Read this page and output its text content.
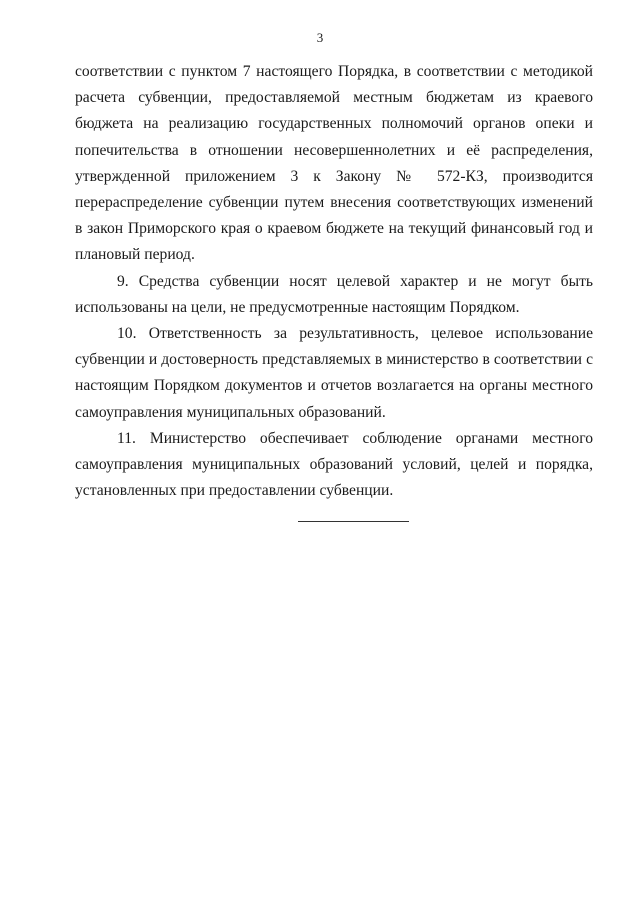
3

соответствии с пунктом 7 настоящего Порядка, в соответствии с методикой расчета субвенции, предоставляемой местным бюджетам из краевого бюджета на реализацию государственных полномочий органов опеки и попечительства в отношении несовершеннолетних и её распределения, утвержденной приложением 3 к Закону № 572-КЗ, производится перераспределение субвенции путем внесения соответствующих изменений в закон Приморского края о краевом бюджете на текущий финансовый год и плановый период.

9. Средства субвенции носят целевой характер и не могут быть использованы на цели, не предусмотренные настоящим Порядком.

10. Ответственность за результативность, целевое использование субвенции и достоверность представляемых в министерство в соответствии с настоящим Порядком документов и отчетов возлагается на органы местного самоуправления муниципальных образований.

11. Министерство обеспечивает соблюдение органами местного самоуправления муниципальных образований условий, целей и порядка, установленных при предоставлении субвенции.
